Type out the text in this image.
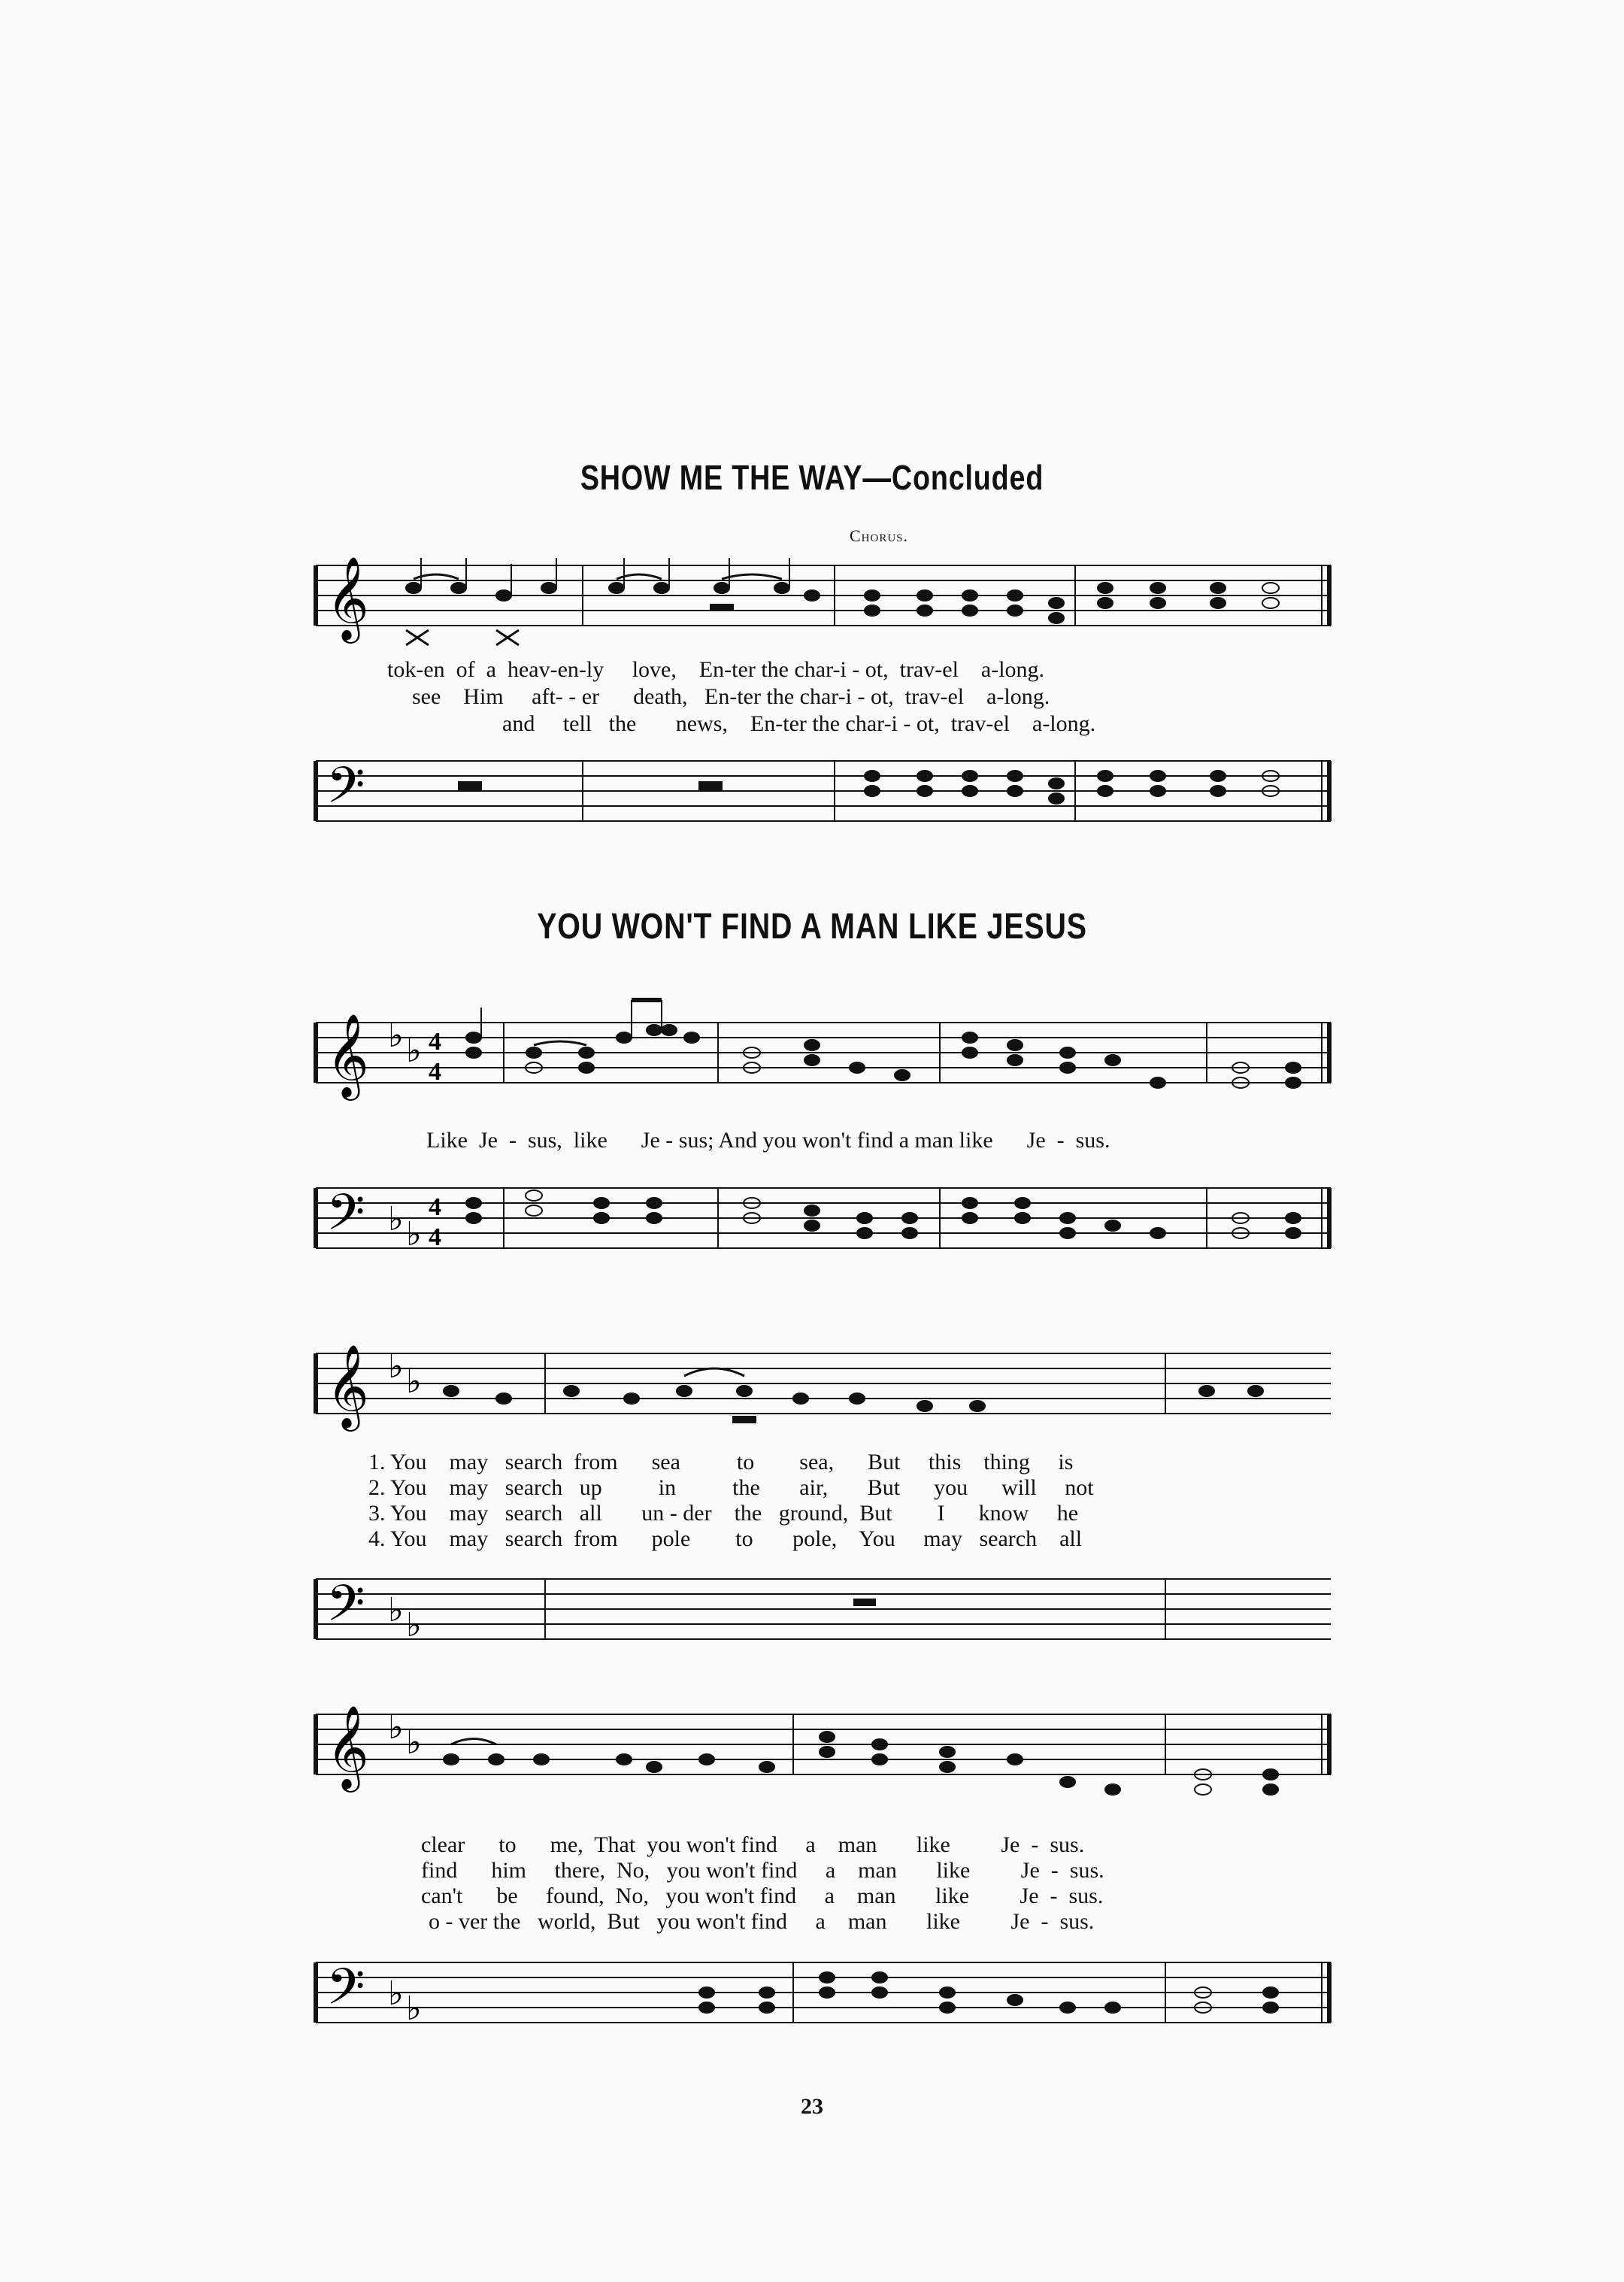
SHOW ME THE WAY—Concluded
Chorus.
𝄞
tok-en  of  a  heav-en-ly     love,    En-ter the char-i - ot,  trav-el    a-long.
see    Him     aft- - er      death,   En-ter the char-i - ot,  trav-el    a-long.
and     tell   the       news,    En-ter the char-i - ot,  trav-el    a-long.
𝄢
YOU WON'T FIND A MAN LIKE JESUS
𝄞 ♭ ♭ 4
4
Like  Je  -  sus,  like      Je - sus; And you won't find a man like      Je  -  sus.
𝄢 ♭ ♭
4
4
𝄞 ♭ ♭
1. You    may   search  from      sea          to        sea,      But     this    thing     is
2. You    may   search   up          in          the       air,       But      you      will     not
3. You    may   search   all       un - der    the   ground,  But        I      know     he
4. You    may   search  from      pole        to       pole,    You     may   search    all
𝄢 ♭ ♭
𝄞 ♭ ♭
clear      to      me,  That  you won't find     a    man       like         Je  -  sus.
find      him     there,  No,   you won't find     a    man       like         Je  -  sus.
can't      be     found,  No,   you won't find     a    man       like         Je  -  sus.
o - ver the   world,  But   you won't find     a    man       like         Je  -  sus.
𝄢 ♭ ♭
23
